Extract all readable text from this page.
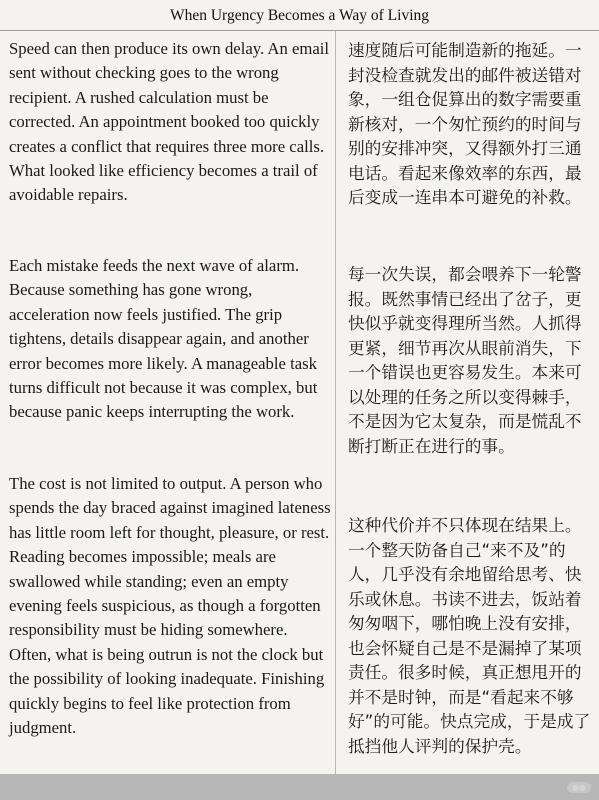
When Urgency Becomes a Way of Living

Speed can then produce its own delay. An email sent without checking goes to the wrong recipient. A rushed calculation must be corrected. An appointment booked too quickly creates a conflict that requires three more calls. What looked like efficiency becomes a trail of avoidable repairs.

Each mistake feeds the next wave of alarm. Because something has gone wrong, acceleration now feels justified. The grip tightens, details disappear again, and another error becomes more likely. A manageable task turns difficult not because it was complex, but because panic keeps interrupting the work.

The cost is not limited to output. A person who spends the day braced against imagined lateness has little room left for thought, pleasure, or rest. Reading becomes impossible; meals are swallowed while standing; even an empty evening feels suspicious, as though a forgotten responsibility must be hiding somewhere. Often, what is being outrun is not the clock but the possibility of looking inadequate. Finishing quickly begins to feel like protection from judgment.

速度随后可能制造新的拖延。一封没检查就发出的邮件被送错对象，一组仓促算出的数字需要重新核对，一个匆忙预约的时间与别的安排冲突，又得额外打三通电话。看起来像效率的东西，最后变成一连串本可避免的补救。

每一次失误，都会喂养下一轮警报。既然事情已经出了岔子，更快似乎就变得理所当然。人抓得更紧，细节再次从眼前消失，下一个错误也更容易发生。本来可以处理的任务之所以变得棘手，不是因为它太复杂，而是慌乱不断打断正在进行的事。

这种代价并不只体现在结果上。一个整天防备自己“来不及”的人，几乎没有余地留给思考、快乐或休息。书读不进去，饭站着匆匆咽下，哪怕晚上没有安排，也会怀疑自己是不是漏掉了某项责任。很多时候，真正想甩开的并不是时钟，而是“看起来不够好”的可能。快点完成，于是成了抵挡他人评判的保护壳。

●●
